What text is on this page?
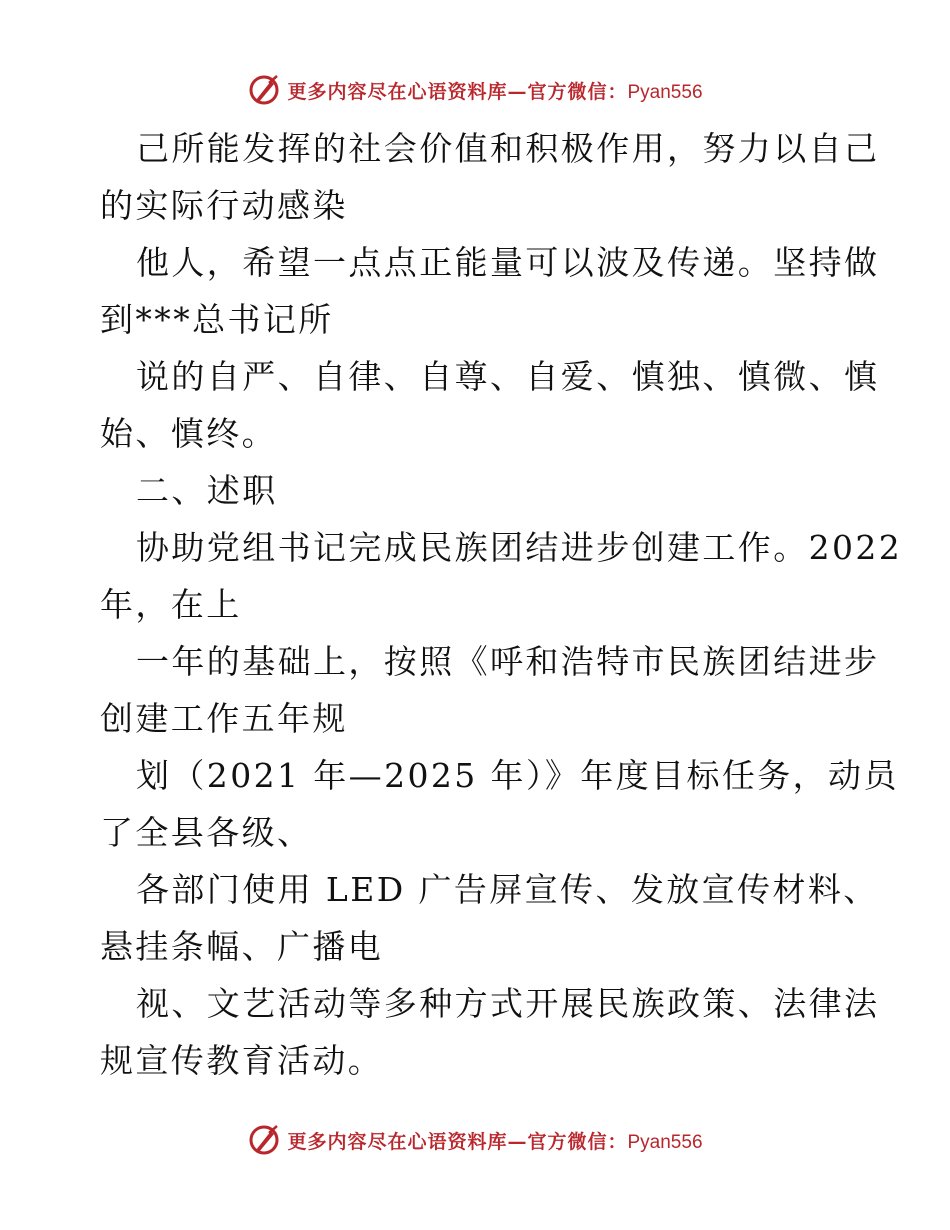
更多内容尽在心语资料库—官方微信：Pyan556
己所能发挥的社会价值和积极作用，努力以自己
的实际行动感染
他人，希望一点点正能量可以波及传递。坚持做
到***总书记所
说的自严、自律、自尊、自爱、慎独、慎微、慎
始、慎终。
二、述职
协助党组书记完成民族团结进步创建工作。2022
年，在上
一年的基础上，按照《呼和浩特市民族团结进步
创建工作五年规
划（2021 年—2025 年）》年度目标任务，动员
了全县各级、
各部门使用 LED 广告屏宣传、发放宣传材料、
悬挂条幅、广播电
视、文艺活动等多种方式开展民族政策、法律法
规宣传教育活动。
更多内容尽在心语资料库—官方微信：Pyan556
